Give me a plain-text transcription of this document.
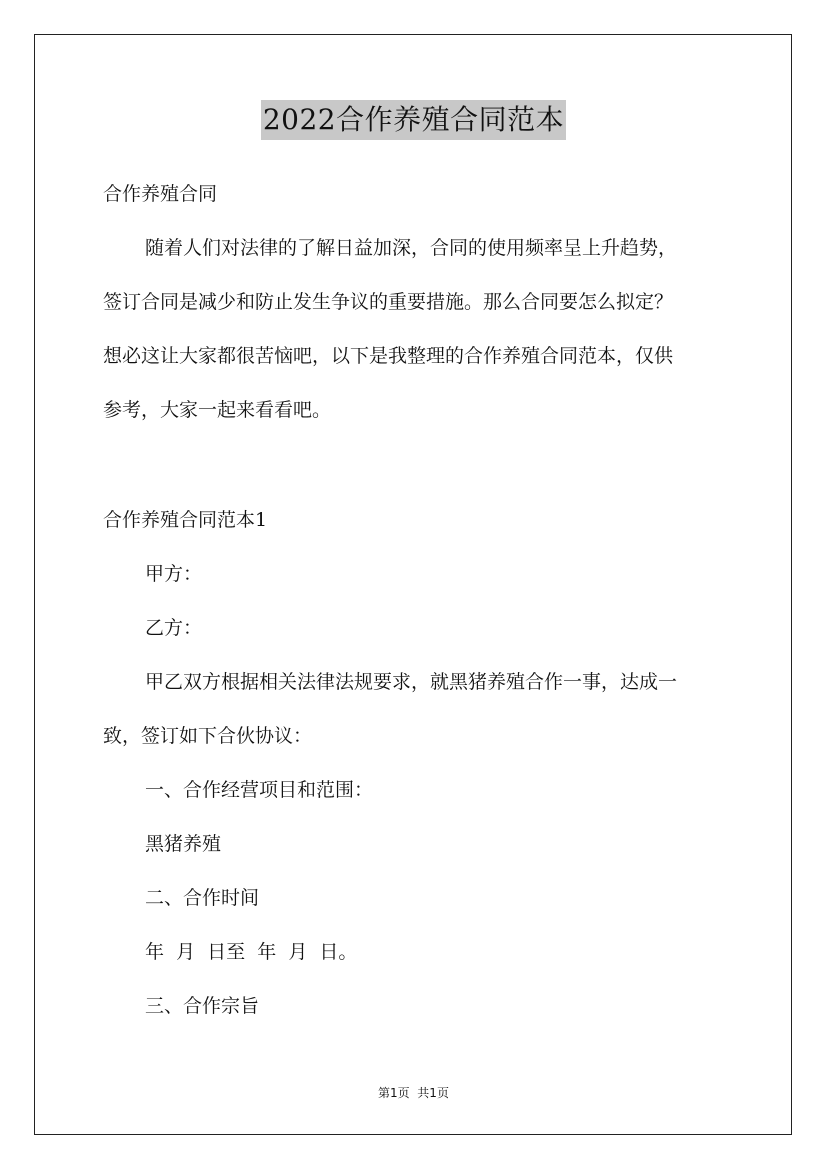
2022合作养殖合同范本
合作养殖合同
随着人们对法律的了解日益加深，合同的使用频率呈上升趋势，
签订合同是减少和防止发生争议的重要措施。那么合同要怎么拟定？
想必这让大家都很苦恼吧，以下是我整理的合作养殖合同范本，仅供
参考，大家一起来看看吧。
合作养殖合同范本1
甲方：
乙方：
甲乙双方根据相关法律法规要求，就黑猪养殖合作一事，达成一
致，签订如下合伙协议：
一、合作经营项目和范围：
黑猪养殖
二、合作时间
年  月  日至  年  月  日。
三、合作宗旨
第1页  共1页
